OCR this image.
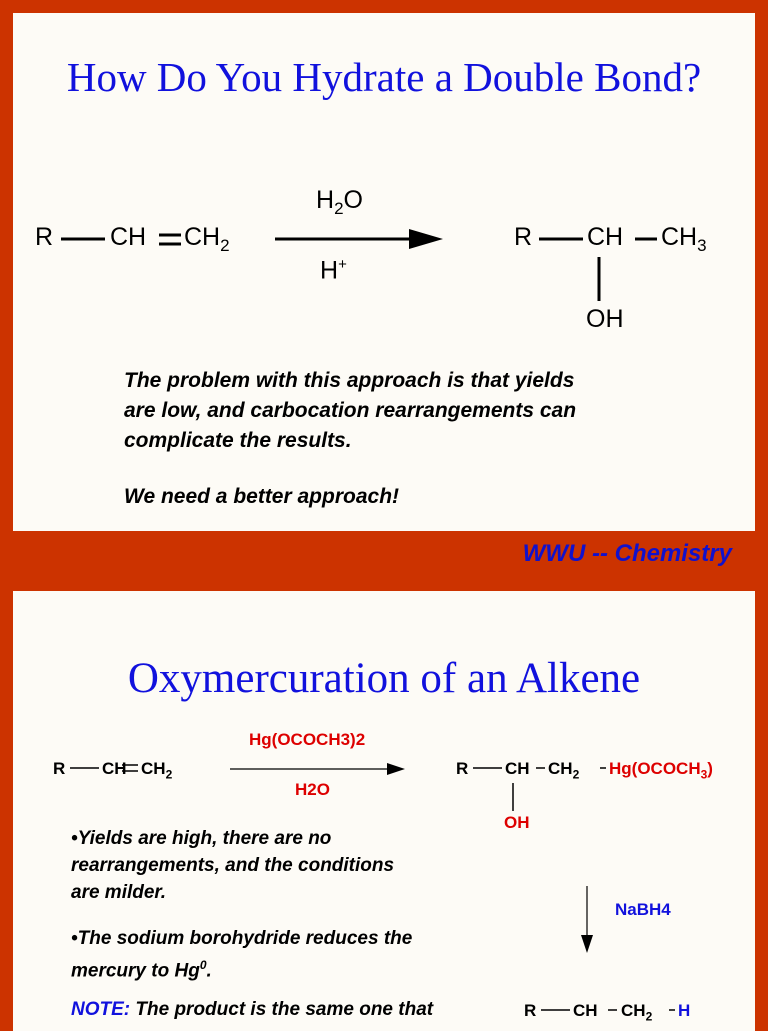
How Do You Hydrate a Double Bond?
R CH $CH_2$
$H_2O$
H+
R CH $CH_3$
OH
The problem with this approach is that yields
are low, and carbocation rearrangements can
complicate the results.
We need a better approach!
WWU -- Chemistry
Oxymercuration of an Alkene
R CH $CH_2$
Hg(OCOCH3)2
H2O
R CH $CH_2$ $Hg(OCOCH_3)$
OH
NaBH4
R CH $CH_2$ H
•Yields are high, there are no
rearrangements, and the conditions
are milder.
•The sodium borohydride reduces the
mercury to Hg$^0$.
NOTE: The product is the same one that
